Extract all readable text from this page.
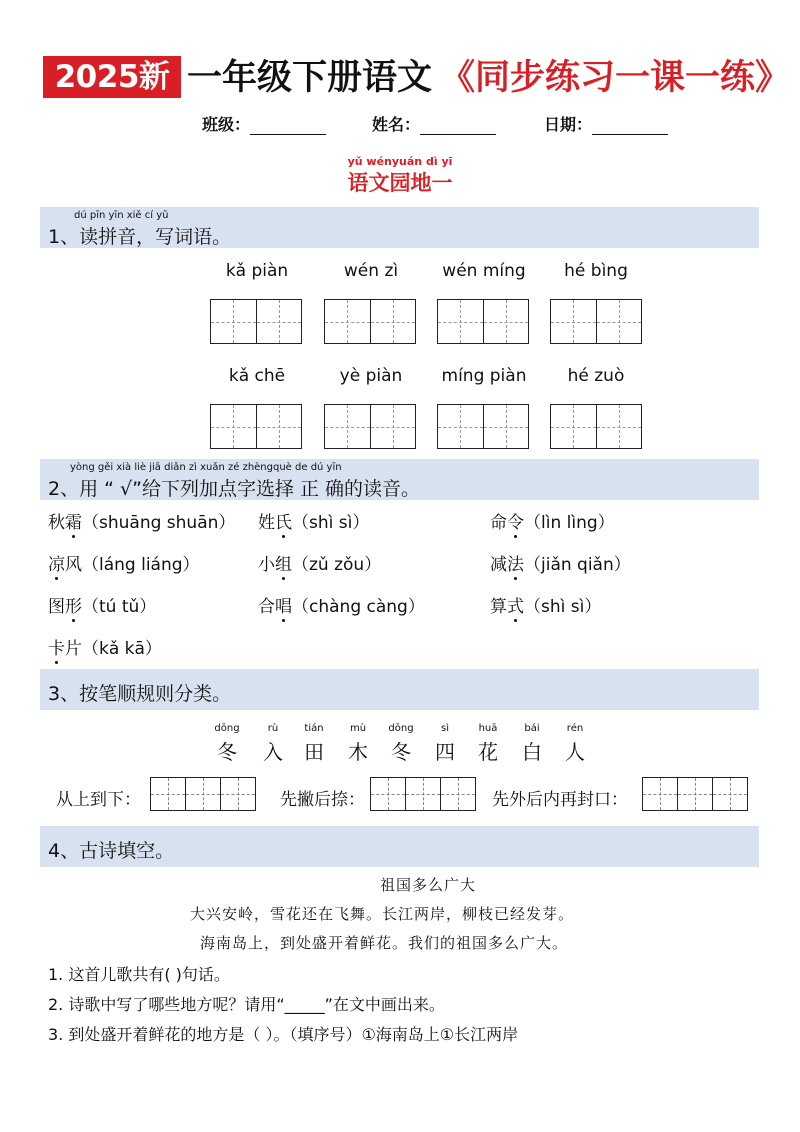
2025新 一年级下册语文 《同步练习一课一练》
班级：	姓名：	日期：
yǔ wényuán dì yī
语文园地一
dú pīn yīn xiě cí yǔ
1、读拼音，写词语。
kǎ piàn	wén zì	wén míng	hé bìng
kǎ chē	yè piàn	míng piàn	hé zuò
yòng gěi xià liè jiā diǎn zì xuǎn zé zhèngquè de dú yīn
2、用 “ √”给下列加点字选择 正 确的读音。
秋霜（shuāng shuān） 姓氏（shì sì）	命令（lìn lìng）
凉风（láng liáng）	小组（zǔ zǒu）	减法（jiǎn qiǎn）
图形（tú tǔ）	合唱（chàng càng）	算式（shì sì）
卡片（kǎ kā）
3、按笔顺规则分类。
dōng	rù	tián	mù	dōng	sì	huā	bái	rén
冬	入	田	木	冬	四	花	白	人
从上到下：	先撇后捺：	先外后内再封口：
4、古诗填空。
祖国多么广大
大兴安岭，雪花还在飞舞。长江两岸，柳枝已经发芽。
海南岛上，到处盛开着鲜花。我们的祖国多么广大。
1. 这首儿歌共有( )句话。
2. 诗歌中写了哪些地方呢？请用“_____”在文中画出来。
3. 到处盛开着鲜花的地方是（ ）。（填序号）①海南岛上①长江两岸
